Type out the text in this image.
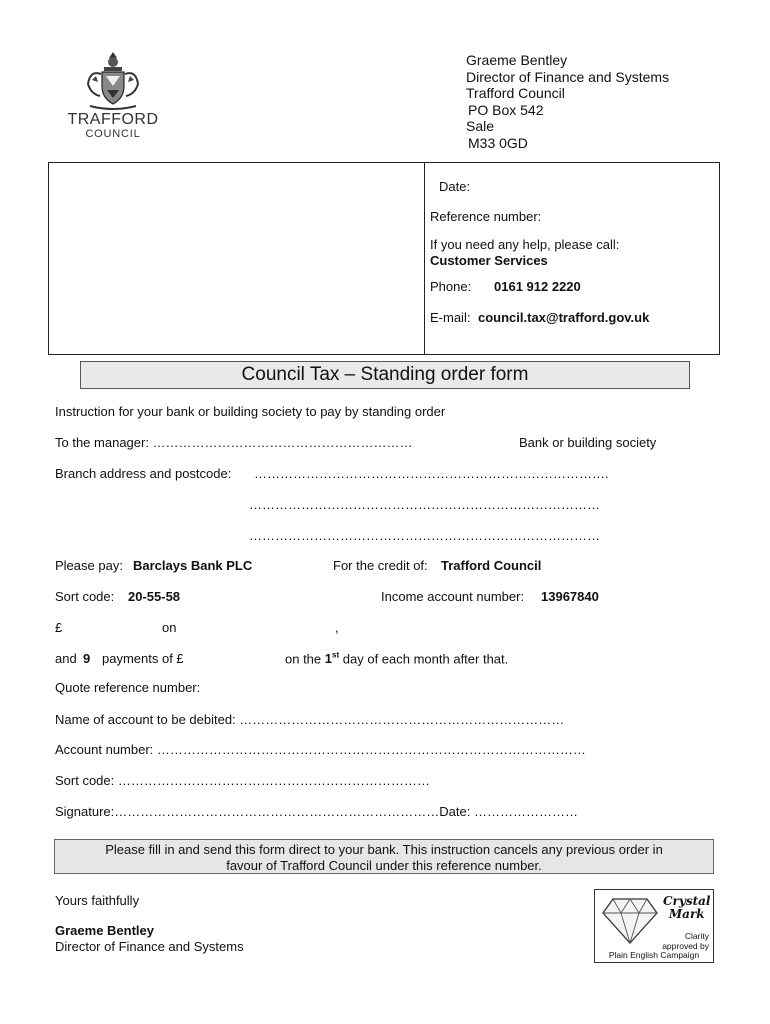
TRAFFORD
COUNCIL
Graeme Bentley
Director of Finance and Systems
Trafford Council
PO Box 542
Sale
M33 0GD
Date:
Reference number:
If you need any help, please call:
Customer Services
Phone: 0161 912 2220
E-mail: council.tax@trafford.gov.uk
Council Tax – Standing order form
Instruction for your bank or building society to pay by standing order
To the manager: ……………………………………………………	Bank or building society
Branch address and postcode: ……………………………………………………………………….
………………………………………………………………………
………………………………………………………………………
Please pay: Barclays Bank PLC	For the credit of: Trafford Council
Sort code: 20-55-58	Income account number: 13967840
£	on	,
and 9 payments of £	on the 1st day of each month after that.
Quote reference number:
Name of account to be debited: …………………………………………………………………
Account number: ………………………………………………………………………………………
Sort code: ………………………………………………………………
Signature:…………………………………………………………………Date: ……………………
Please fill in and send this form direct to your bank. This instruction cancels any previous order in
favour of Trafford Council under this reference number.
Yours faithfully
Graeme Bentley
Director of Finance and Systems
Crystal
Mark
Clarity
approved by
Plain English Campaign
